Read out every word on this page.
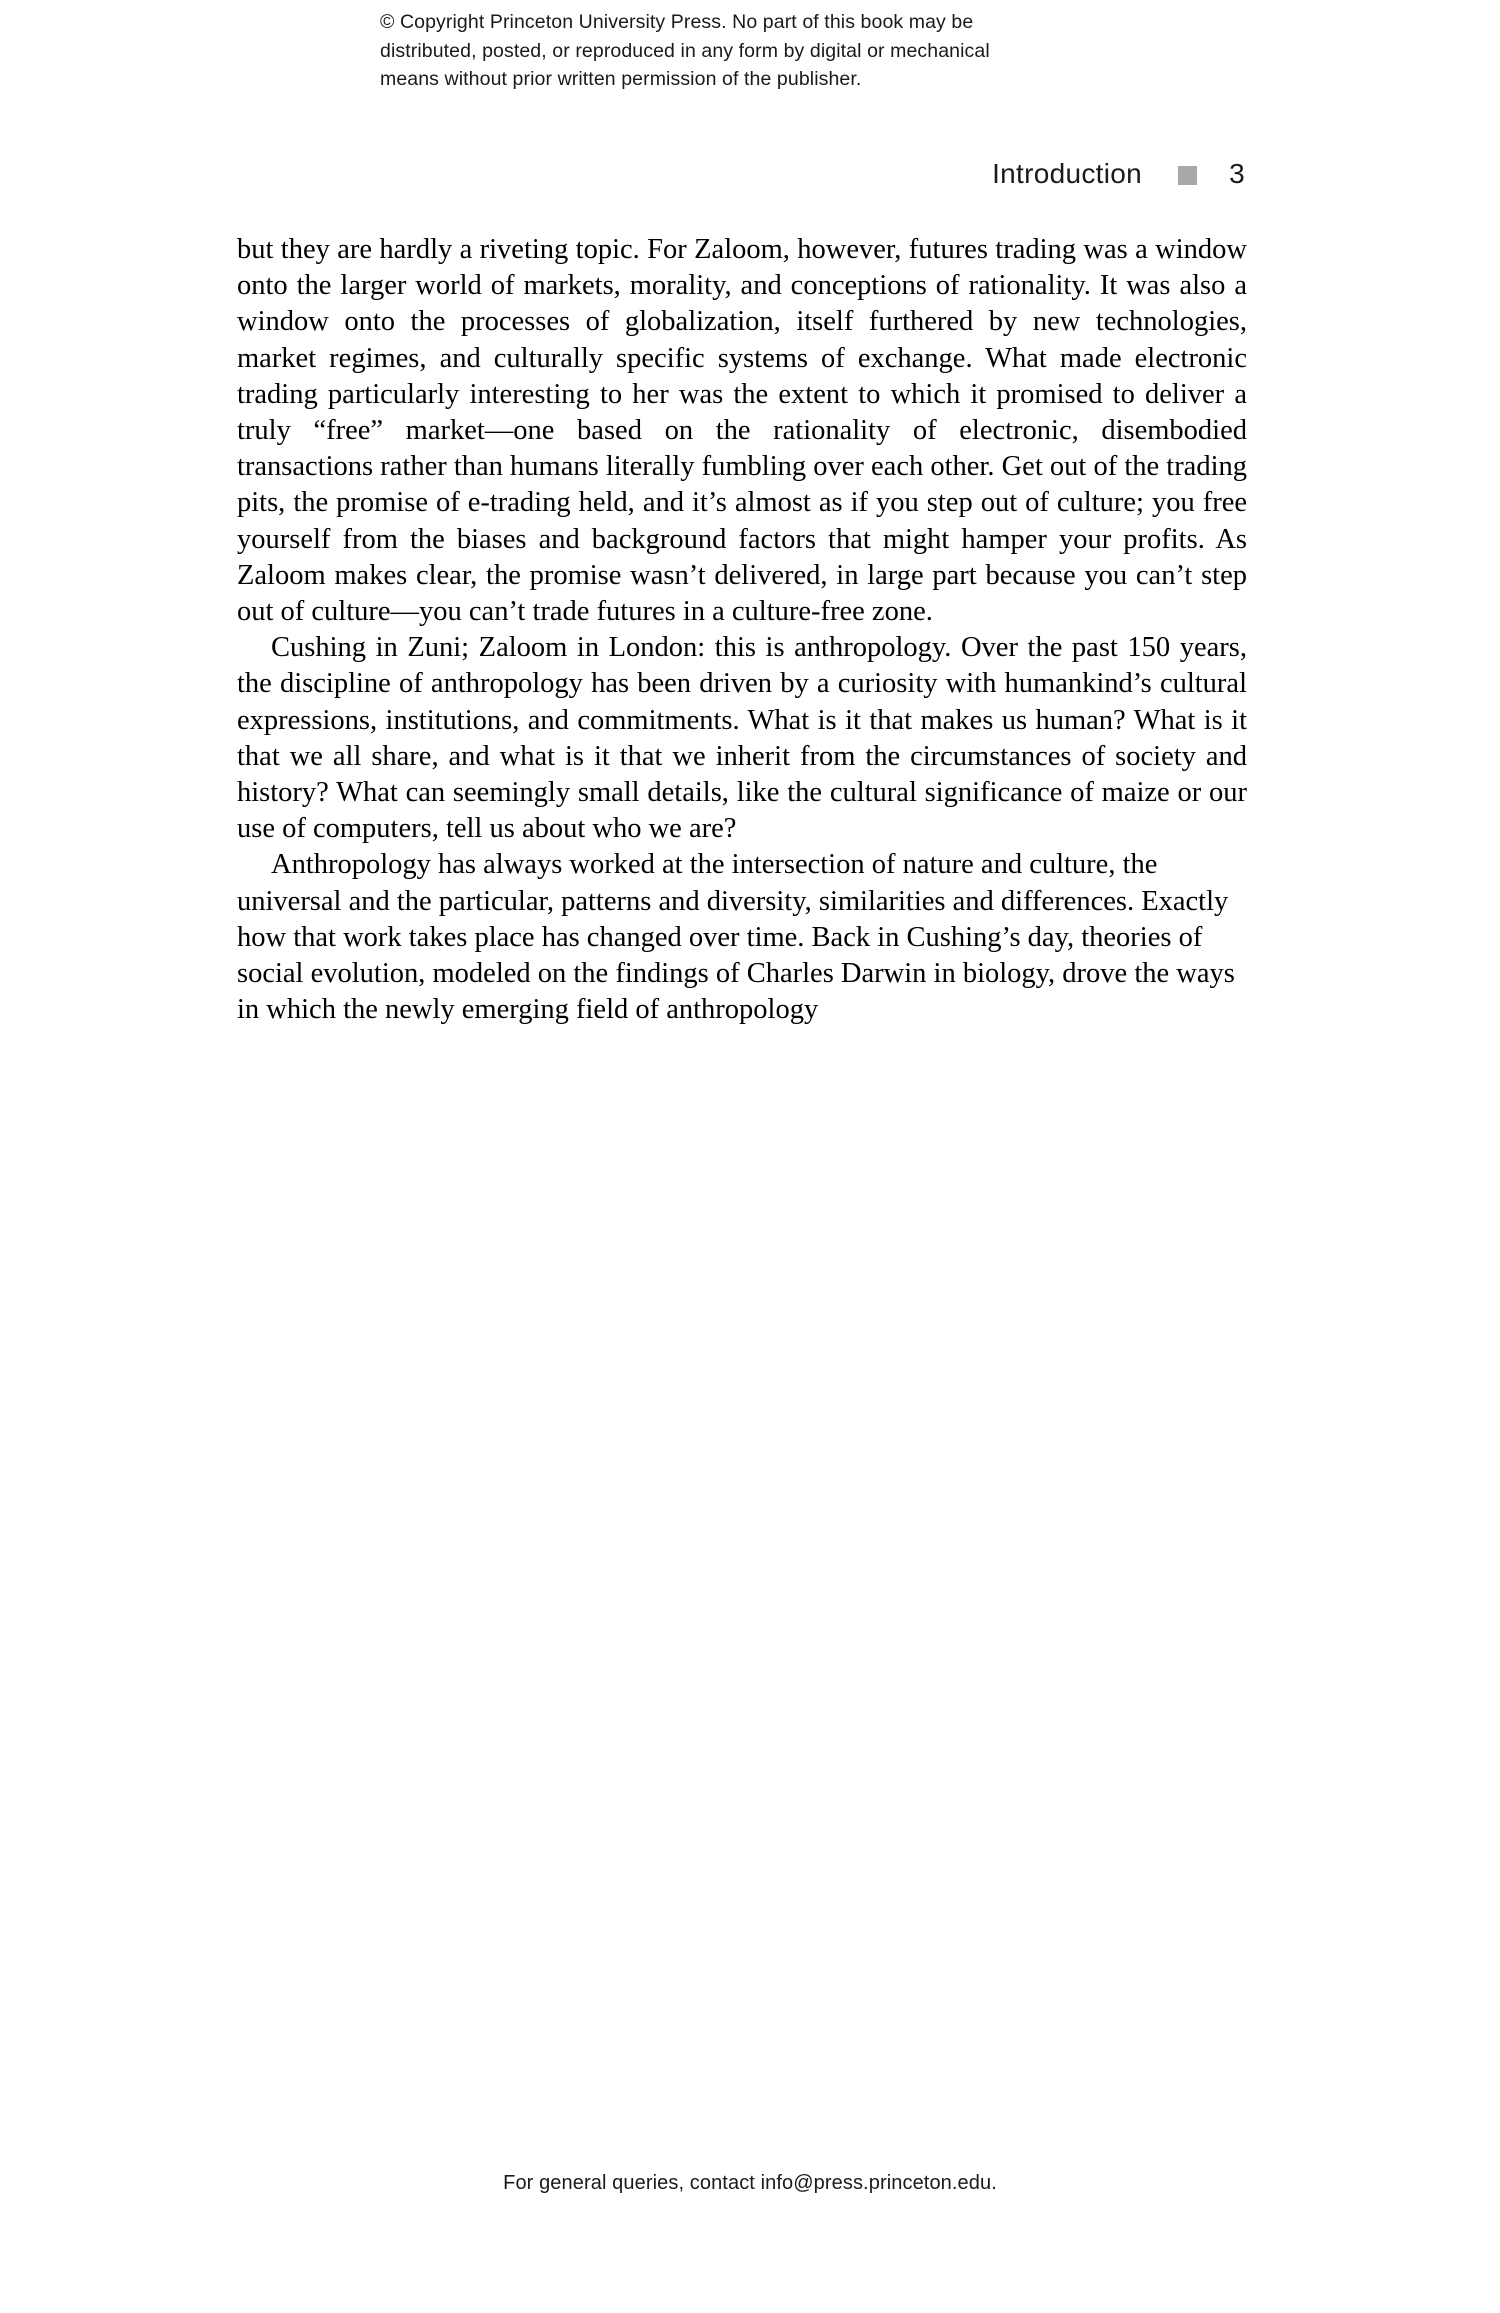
© Copyright Princeton University Press. No part of this book may be
distributed, posted, or reproduced in any form by digital or mechanical
means without prior written permission of the publisher.
Introduction	3

but they are hardly a riveting topic. For Zaloom, however, futures trading was a window onto the larger world of markets, morality, and conceptions of rationality. It was also a window onto the processes of globalization, itself furthered by new technologies, market regimes, and culturally specific systems of exchange. What made electronic trading particularly interesting to her was the extent to which it promised to deliver a truly “free” market—one based on the rationality of electronic, disembodied transactions rather than humans literally fumbling over each other. Get out of the trading pits, the promise of e-trading held, and it’s almost as if you step out of culture; you free yourself from the biases and background factors that might hamper your profits. As Zaloom makes clear, the promise wasn’t delivered, in large part because you can’t step out of culture—you can’t trade futures in a culture-free zone.

Cushing in Zuni; Zaloom in London: this is anthropology. Over the past 150 years, the discipline of anthropology has been driven by a curiosity with humankind’s cultural expressions, institutions, and commitments. What is it that makes us human? What is it that we all share, and what is it that we inherit from the circumstances of society and history? What can seemingly small details, like the cultural significance of maize or our use of computers, tell us about who we are?

Anthropology has always worked at the intersection of nature and culture, the universal and the particular, patterns and diversity, similarities and differences. Exactly how that work takes place has changed over time. Back in Cushing’s day, theories of social evolution, modeled on the findings of Charles Darwin in biology, drove the ways in which the newly emerging field of anthropology

For general queries, contact info@press.princeton.edu.
